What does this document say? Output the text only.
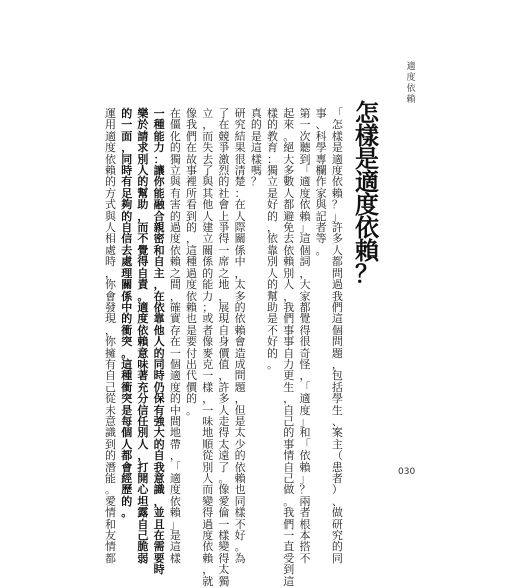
適
度
依
賴
怎
樣
是
適
度
依
賴
？
「
怎
樣
是
適
度
依
賴
？
」
許
多
人
都
問
過
我
們
這
個
問
題
，
包
括
學
生
、
案
主
（
患
者
）
、
做
研
究
的
同
事
、
科
學
專
欄
作
家
與
記
者
等
。
第
一
次
聽
到
「
適
度
依
賴
」
這
個
詞
，
大
家
都
覺
得
很
奇
怪
，
「
適
度
」
和
「
依
賴
」
？
兩
者
根
本
搭
不
起
來
。
絕
大
多
數
人
都
避
免
去
依
賴
別
人
，
我
們
事
事
自
力
更
生
，
自
己
的
事
情
自
己
做
。
我
們
一
直
受
到
這
樣
的
教
育
：
獨
立
是
好
的
，
依
靠
別
人
的
幫
助
是
不
好
的
。
真
的
是
這
樣
嗎
？
研
究
結
果
很
清
楚
：
在
人
際
關
係
中
，
太
多
的
依
賴
會
造
成
問
題
，
但
是
太
少
的
依
賴
也
同
樣
不
好
。
為
了
在
競
爭
激
烈
的
社
會
上
爭
得
一
席
之
地
，
展
現
自
身
價
值
，
許
多
人
走
得
太
遠
了
。
像
愛
倫
一
樣
變
得
太
獨
立
，
而
失
去
了
與
其
他
人
建
立
關
係
的
能
力
；
或
者
像
麥
克
一
樣
，
一
味
地
順
從
別
人
而
變
得
過
度
依
賴
，
就
像
我
們
在
故
事
裡
所
看
到
的
，
這
種
過
度
依
賴
也
是
要
付
出
代
價
的
。
在
僵
化
的
獨
立
與
有
害
的
過
度
依
賴
之
間
，
確
實
存
在
一
個
適
度
的
中
間
地
帶
，
「
適
度
依
賴
」
是
這
樣
一
種
能
力
：
讓
你
能
融
合
親
密
和
自
主
，
在
依
靠
他
人
的
同
時
仍
保
有
強
大
的
自
我
意
識
，
並
且
在
需
要
時
樂
於
請
求
別
人
的
幫
助
，
而
不
覺
得
自
責
。
適
度
依
賴
意
味
著
充
分
信
任
別
人
，
打
開
心
坦
露
自
己
脆
弱
的
一
面
，
同
時
有
足
夠
的
自
信
去
處
理
關
係
中
的
衝
突
。
這
種
衝
突
是
每
個
人
都
會
經
歷
的
。
運
用
適
度
依
賴
的
方
式
與
人
相
處
時
，
你
會
發
現
，
你
擁
有
自
己
從
未
意
識
到
的
潛
能
。
愛
情
和
友
情
都
030
